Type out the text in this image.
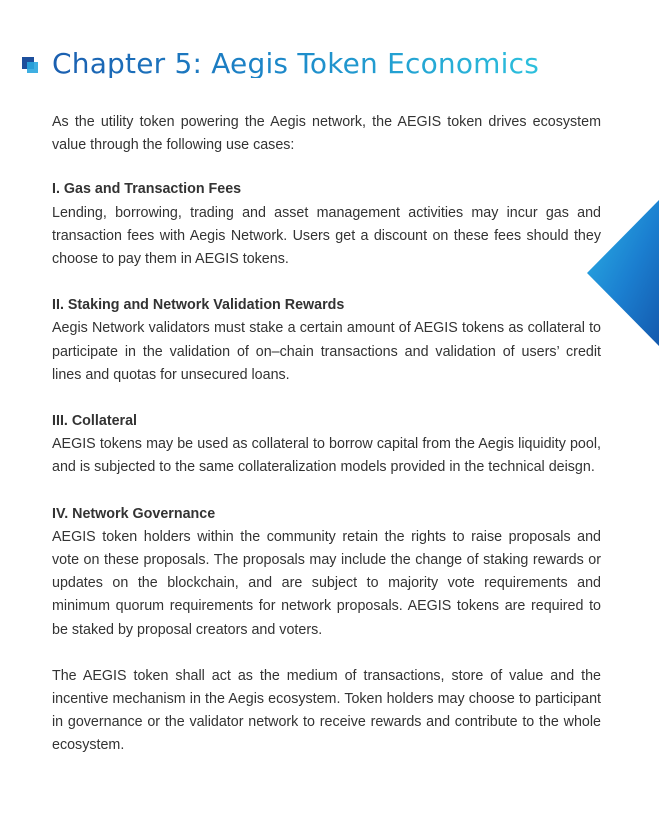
Chapter 5: Aegis Token Economics

As the utility token powering the Aegis network, the AEGIS token drives ecosystem value through the following use cases:

I. Gas and Transaction Fees

Lending, borrowing, trading and asset management activities may incur gas and transaction fees with Aegis Network. Users get a discount on these fees should they choose to pay them in AEGIS tokens.

II. Staking and Network Validation Rewards

Aegis Network validators must stake a certain amount of AEGIS tokens as collateral to participate in the validation of on–chain transactions and validation of users’ credit lines and quotas for unsecured loans.

III. Collateral

AEGIS tokens may be used as collateral to borrow capital from the Aegis liquidity pool, and is subjected to the same collateralization models provided in the technical deisgn.

IV. Network Governance

AEGIS token holders within the community retain the rights to raise proposals and vote on these proposals. The proposals may include the change of staking rewards or updates on the blockchain, and are subject to majority vote requirements and minimum quorum requirements for network proposals. AEGIS tokens are required to be staked by proposal creators and voters.

The AEGIS token shall act as the medium of transactions, store of value and the incentive mechanism in the Aegis ecosystem. Token holders may choose to participant in governance or the validator network to receive rewards and contribute to the whole ecosystem.
